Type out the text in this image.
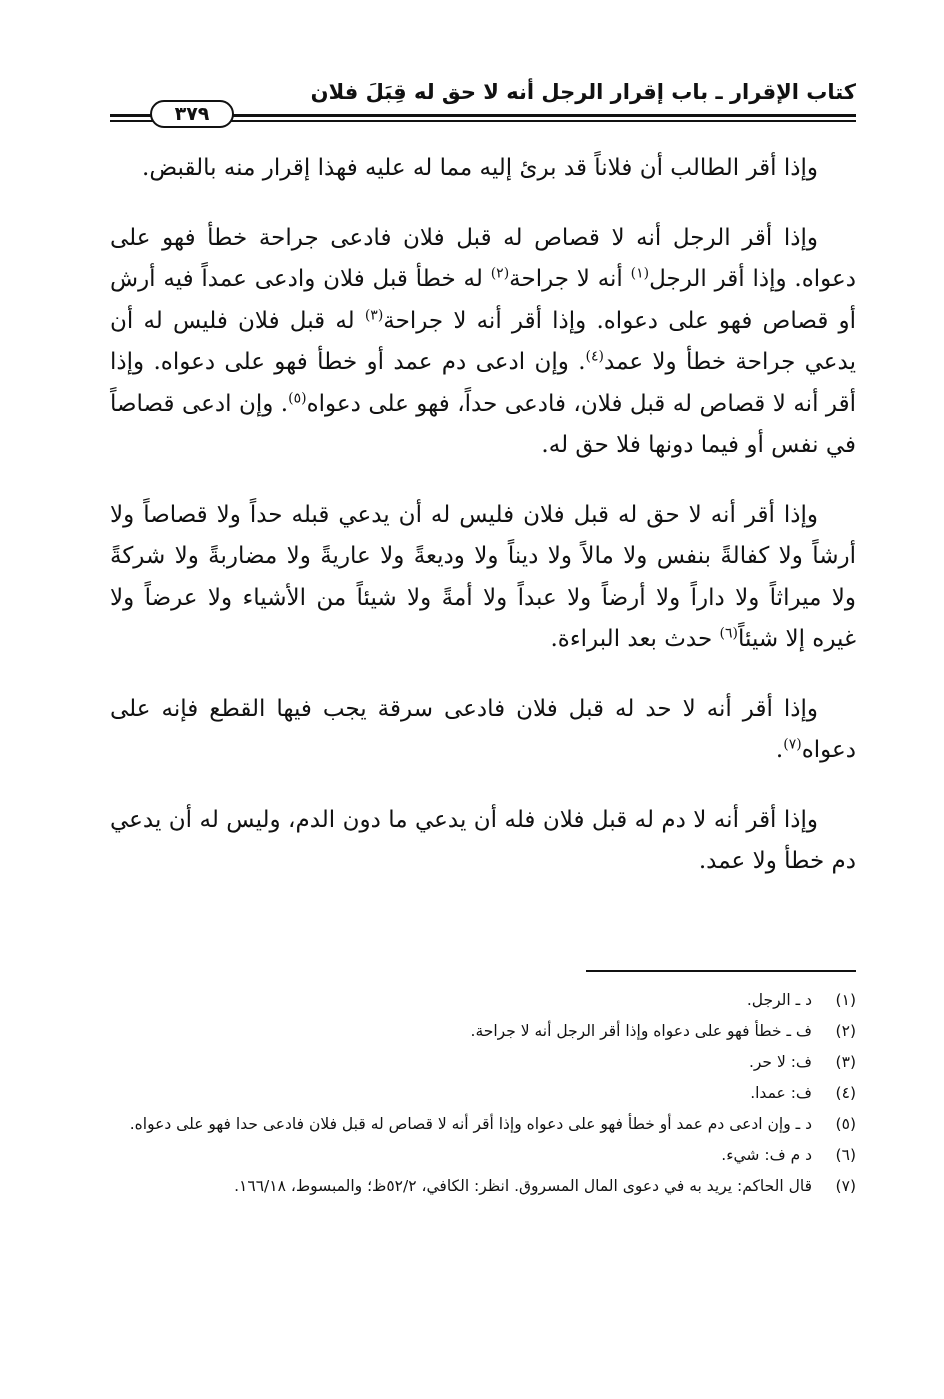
كتاب الإقرار ـ باب إقرار الرجل أنه لا حق له قِبَلَ فلان
٣٧٩

وإذا أقر الطالب أن فلاناً قد برئ إليه مما له عليه فهذا إقرار منه بالقبض.

وإذا أقر الرجل أنه لا قصاص له قبل فلان فادعى جراحة خطأ فهو على دعواه. وإذا أقر الرجل$^{(١)}$ أنه لا جراحة$^{(٢)}$ له خطأ قبل فلان وادعى عمداً فيه أرش أو قصاص فهو على دعواه. وإذا أقر أنه لا جراحة$^{(٣)}$ له قبل فلان فليس له أن يدعي جراحة خطأ ولا عمد$^{(٤)}$. وإن ادعى دم عمد أو خطأ فهو على دعواه. وإذا أقر أنه لا قصاص له قبل فلان، فادعى حداً، فهو على دعواه$^{(٥)}$. وإن ادعى قصاصاً في نفس أو فيما دونها فلا حق له.

وإذا أقر أنه لا حق له قبل فلان فليس له أن يدعي قبله حداً ولا قصاصاً ولا أرشاً ولا كفالةً بنفس ولا مالاً ولا ديناً ولا وديعةً ولا عاريةً ولا مضاربةً ولا شركةً ولا ميراثاً ولا داراً ولا أرضاً ولا عبداً ولا أمةً ولا شيئاً من الأشياء ولا عرضاً ولا غيره إلا شيئاً$^{(٦)}$ حدث بعد البراءة.

وإذا أقر أنه لا حد له قبل فلان فادعى سرقة يجب فيها القطع فإنه على دعواه$^{(٧)}$.

وإذا أقر أنه لا دم له قبل فلان فله أن يدعي ما دون الدم، وليس له أن يدعي دم خطأ ولا عمد.

(١)
د ـ الرجل.
(٢)
ف ـ خطأ فهو على دعواه وإذا أقر الرجل أنه لا جراحة.
(٣)
ف: لا حر.
(٤)
ف: عمدا.
(٥)
د ـ وإن ادعى دم عمد أو خطأ فهو على دعواه وإذا أقر أنه لا قصاص له قبل فلان فادعى حدا فهو على دعواه.
(٦)
د م ف: شيء.
(٧)
قال الحاكم: يريد به في دعوى المال المسروق. انظر: الكافي، ٥٢/٢ظ؛ والمبسوط، ١٦٦/١٨.
